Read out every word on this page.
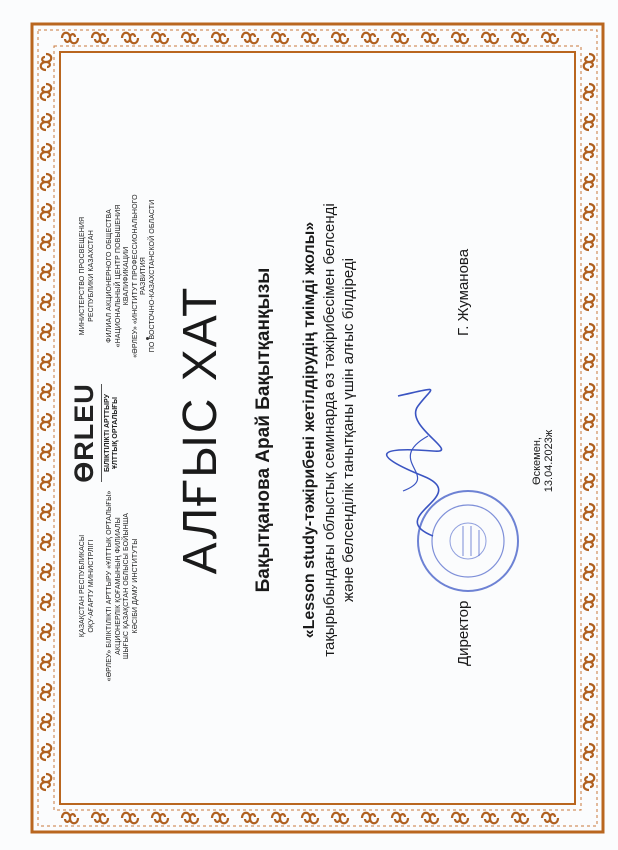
ҚАЗАҚСТАН РЕСПУБЛИКАСЫ ОҚУ-АҒАРТУ МИНИСТРЛІГІ «ӨРЛЕУ» БІЛІКТІЛІКТІ АРТТЫРУ «ҰЛТТЫҚ ОРТАЛЫҒЫ» АКЦИОНЕРЛІК ҚОҒАМЫНЫҢ ФИЛИАЛЫ ШЫҒЫС ҚАЗАҚСТАН ОБЛЫСЫ БОЙЫНША КӘСІБИ ДАМУ ИНСТИТУТЫ
ӨRLEU БІЛІКТІЛІКТІ АРТТЫРУ ҰЛТТЫҚ ОРТАЛЫҒЫ
МИНИСТЕРСТВО ПРОСВЕЩЕНИЯ РЕСПУБЛИКИ КАЗАХСТАН ФИЛИАЛ АКЦИОНЕРНОГО ОБЩЕСТВА «НАЦИОНАЛЬНЫЙ ЦЕНТР ПОВЫШЕНИЯ КВАЛИФИКАЦИИ «ӨРЛЕУ» «ИНСТИТУТ ПРОФЕССИОНАЛЬНОГО РАЗВИТИЯ ПО ВОСТОЧНО-КАЗАХСТАНСКОЙ ОБЛАСТИ
АЛҒЫС ХАТ Бақытқанова Арай Бақытқанқызы «Lesson study-тәжірибені жетілдірудің тиімді жолы» тақырыбындағы облыстық семинарда өз тәжірибесімен белсенді және белсенділік танытқаны үшін алғыс білдіреді
Директор
Г. Жуманова
Өскемен, 13.04.2023ж
